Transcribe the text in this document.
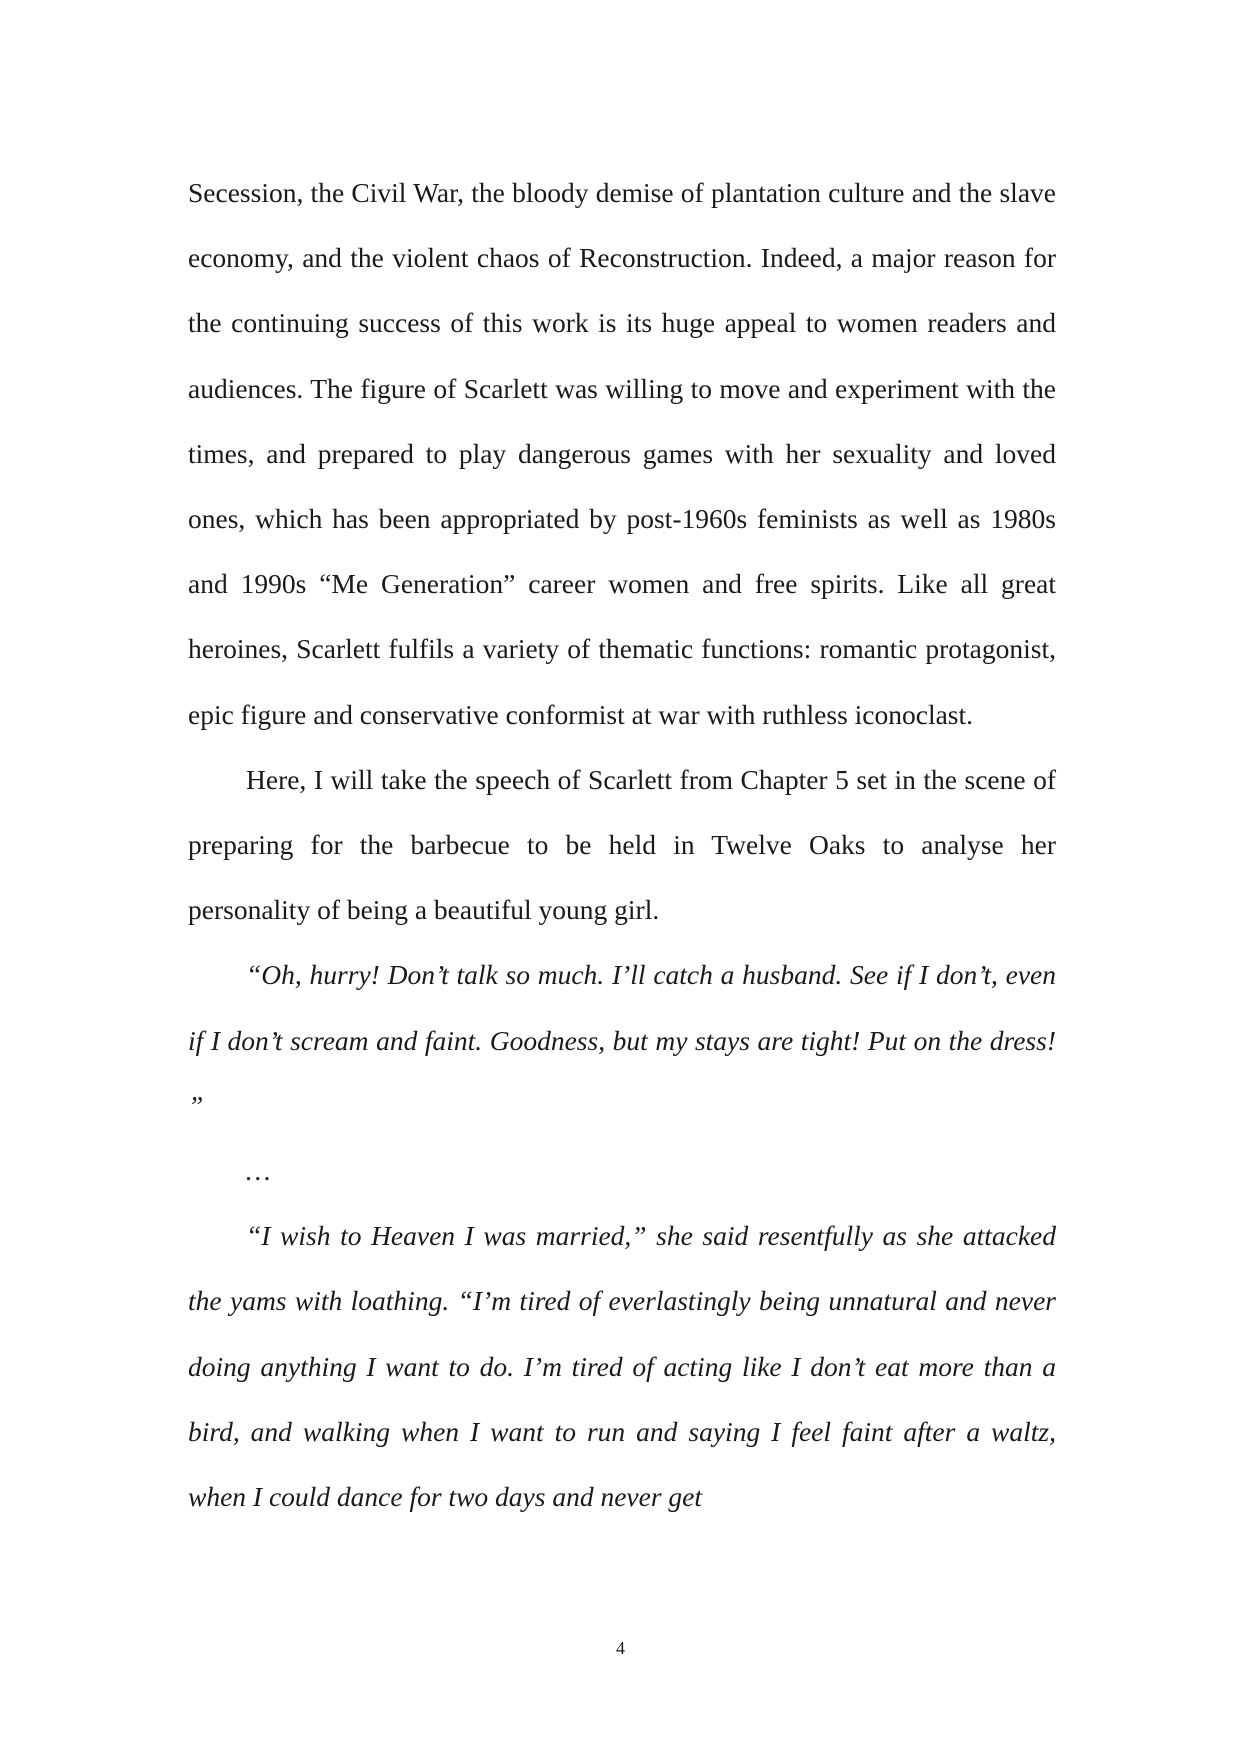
Secession, the Civil War, the bloody demise of plantation culture and the slave economy, and the violent chaos of Reconstruction. Indeed, a major reason for the continuing success of this work is its huge appeal to women readers and audiences. The figure of Scarlett was willing to move and experiment with the times, and prepared to play dangerous games with her sexuality and loved ones, which has been appropriated by post-1960s feminists as well as 1980s and 1990s “Me Generation” career women and free spirits. Like all great heroines, Scarlett fulfils a variety of thematic functions: romantic protagonist, epic figure and conservative conformist at war with ruthless iconoclast.

Here, I will take the speech of Scarlett from Chapter 5 set in the scene of preparing for the barbecue to be held in Twelve Oaks to analyse her personality of being a beautiful young girl.

“Oh, hurry! Don’t talk so much. I’ll catch a husband. See if I don’t, even if I don’t scream and faint. Goodness, but my stays are tight! Put on the dress! ”

…

“I wish to Heaven I was married,” she said resentfully as she attacked the yams with loathing. “I’m tired of everlastingly being unnatural and never doing anything I want to do. I’m tired of acting like I don’t eat more than a bird, and walking when I want to run and saying I feel faint after a waltz, when I could dance for two days and never get

4
